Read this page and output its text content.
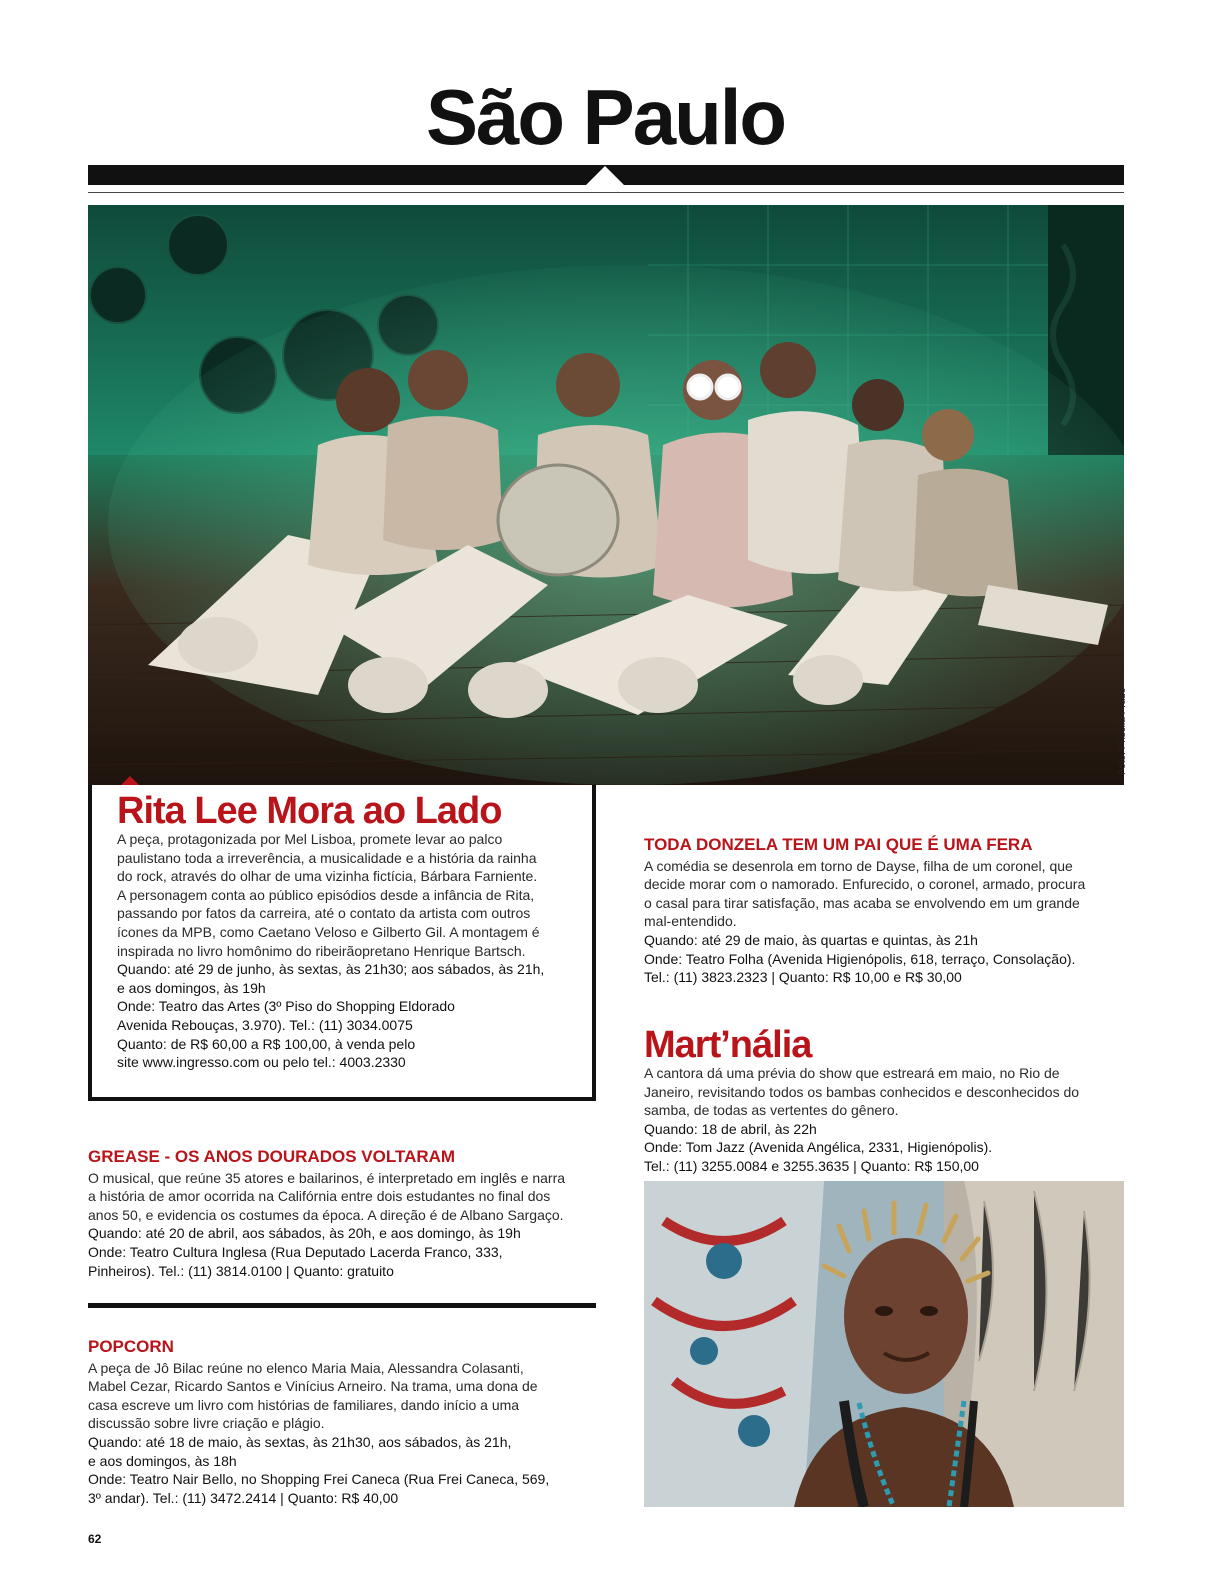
São Paulo
Foto: Priscila Prado
Rita Lee Mora ao Lado

A peça, protagonizada por Mel Lisboa, promete levar ao palco

paulistano toda a irreverência, a musicalidade e a história da rainha

do rock, através do olhar de uma vizinha fictícia, Bárbara Farniente.

A personagem conta ao público episódios desde a infância de Rita,

passando por fatos da carreira, até o contato da artista com outros

ícones da MPB, como Caetano Veloso e Gilberto Gil. A montagem é

inspirada no livro homônimo do ribeirãopretano Henrique Bartsch.

Quando: até 29 de junho, às sextas, às 21h30; aos sábados, às 21h,

e aos domingos, às 19h

Onde: Teatro das Artes (3º Piso do Shopping Eldorado

Avenida Rebouças, 3.970). Tel.: (11) 3034.0075

Quanto: de R$ 60,00 a R$ 100,00, à venda pelo

site www.ingresso.com ou pelo tel.: 4003.2330

GREASE - OS ANOS DOURADOS VOLTARAM

O musical, que reúne 35 atores e bailarinos, é interpretado em inglês e narra

a história de amor ocorrida na Califórnia entre dois estudantes no final dos

anos 50, e evidencia os costumes da época. A direção é de Albano Sargaço.

Quando: até 20 de abril, aos sábados, às 20h, e aos domingo, às 19h

Onde: Teatro Cultura Inglesa (Rua Deputado Lacerda Franco, 333,

Pinheiros). Tel.: (11) 3814.0100 | Quanto: gratuito

POPCORN

A peça de Jô Bilac reúne no elenco Maria Maia, Alessandra Colasanti,

Mabel Cezar, Ricardo Santos e Vinícius Arneiro. Na trama, uma dona de

casa escreve um livro com histórias de familiares, dando início a uma

discussão sobre livre criação e plágio.

Quando: até 18 de maio, às sextas, às 21h30, aos sábados, às 21h,

e aos domingos, às 18h

Onde: Teatro Nair Bello, no Shopping Frei Caneca (Rua Frei Caneca, 569,

3º andar). Tel.: (11) 3472.2414 | Quanto: R$ 40,00

TODA DONZELA TEM UM PAI QUE É UMA FERA

A comédia se desenrola em torno de Dayse, filha de um coronel, que

decide morar com o namorado. Enfurecido, o coronel, armado, procura

o casal para tirar satisfação, mas acaba se envolvendo em um grande

mal-entendido.

Quando: até 29 de maio, às quartas e quintas, às 21h

Onde: Teatro Folha (Avenida Higienópolis, 618, terraço, Consolação).

Tel.: (11) 3823.2323 | Quanto: R$ 10,00 e R$ 30,00

Mart’nália

A cantora dá uma prévia do show que estreará em maio, no Rio de

Janeiro, revisitando todos os bambas conhecidos e desconhecidos do

samba, de todas as vertentes do gênero.

Quando: 18 de abril, às 22h

Onde: Tom Jazz (Avenida Angélica, 2331, Higienópolis).

Tel.: (11) 3255.0084 e 3255.3635 | Quanto: R$ 150,00

62
